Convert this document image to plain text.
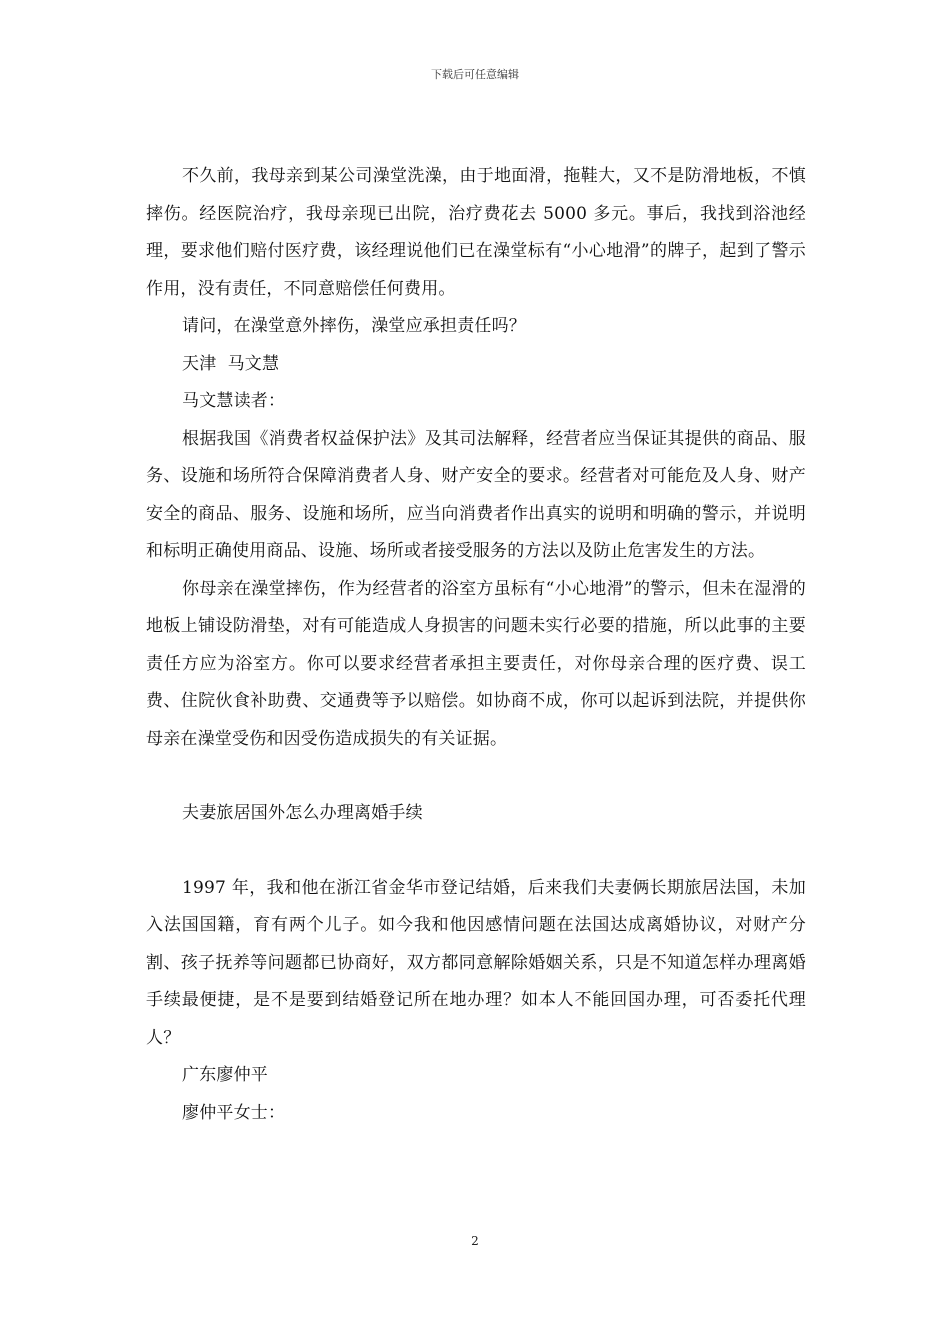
下载后可任意编辑

不久前，我母亲到某公司澡堂洗澡，由于地面滑，拖鞋大，又不是防滑地板，不慎摔伤。经医院治疗，我母亲现已出院，治疗费花去 5000 多元。事后，我找到浴池经理，要求他们赔付医疗费，该经理说他们已在澡堂标有“小心地滑”的牌子，起到了警示作用，没有责任，不同意赔偿任何费用。

请问，在澡堂意外摔伤，澡堂应承担责任吗？

天津  马文慧

马文慧读者：

根据我国《消费者权益保护法》及其司法解释，经营者应当保证其提供的商品、服务、设施和场所符合保障消费者人身、财产安全的要求。经营者对可能危及人身、财产安全的商品、服务、设施和场所，应当向消费者作出真实的说明和明确的警示，并说明和标明正确使用商品、设施、场所或者接受服务的方法以及防止危害发生的方法。

你母亲在澡堂摔伤，作为经营者的浴室方虽标有“小心地滑”的警示，但未在湿滑的地板上铺设防滑垫，对有可能造成人身损害的问题未实行必要的措施，所以此事的主要责任方应为浴室方。你可以要求经营者承担主要责任，对你母亲合理的医疗费、误工费、住院伙食补助费、交通费等予以赔偿。如协商不成，你可以起诉到法院，并提供你母亲在澡堂受伤和因受伤造成损失的有关证据。

夫妻旅居国外怎么办理离婚手续

1997 年，我和他在浙江省金华市登记结婚，后来我们夫妻俩长期旅居法国，未加入法国国籍，育有两个儿子。如今我和他因感情问题在法国达成离婚协议，对财产分割、孩子抚养等问题都已协商好，双方都同意解除婚姻关系，只是不知道怎样办理离婚手续最便捷，是不是要到结婚登记所在地办理？如本人不能回国办理，可否委托代理人？

广东廖仲平

廖仲平女士：

2
